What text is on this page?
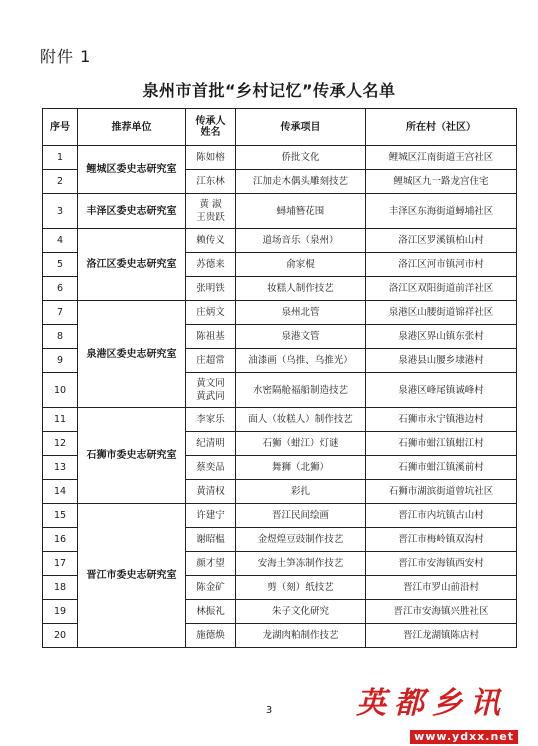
附件 1
泉州市首批“乡村记忆”传承人名单
序号	推荐单位	传承人姓名	传承项目	所在村（社区）
1	鲤城区委史志研究室	陈如榕	侨批文化	鲤城区江南街道王宫社区
2		江东林	江加走木偶头雕刻技艺	鲤城区九一路龙宫住宅
3	丰泽区委史志研究室	黄 淑
王贵跃	蟳埔簪花围	丰泽区东海街道蟳埔社区
4	洛江区委史志研究室	赖传义	道场音乐（泉州）	洛江区罗溪镇柏山村
5		苏德来	俞家棍	洛江区河市镇河市村
6		张明铁	妆糕人制作技艺	洛江区双阳街道前洋社区
7	泉港区委史志研究室	庄炳文	泉州北管	泉港区山腰街道锦祥社区
8		陈祖基	泉港文管	泉港区界山镇东张村
9		庄超常	油漆画（乌推、乌推光）	泉港县山腰乡埭港村
10		黄文同
黄武同	水密隔舱福船制造技艺	泉港区峰尾镇诚峰村
11	石狮市委史志研究室	李家乐	面人（妆糕人）制作技艺	石狮市永宁镇港边村
12		纪清明	石狮（蚶江）灯谜	石狮市蚶江镇蚶江村
13		蔡奕品	舞狮（北狮）	石狮市蚶江镇溪前村
14		黄清权	彩扎	石狮市湖滨街道曾坑社区
15	晋江市委史志研究室	许建宁	晋江民间绘画	晋江市内坑镇古山村
16		谢昭榅	金煜煌豆豉制作技艺	晋江市梅岭镇双沟村
17		颜才望	安海土笋冻制作技艺	晋江市安海镇西安村
18		陈金矿	剪（刻）纸技艺	晋江市罗山前沿村
19		林振礼	朱子文化研究	晋江市安海镇兴胜社区
20		施德焕	龙湖肉粕制作技艺	晋江龙湖镇陈店村
3	英都乡讯
www.ydxx.net
